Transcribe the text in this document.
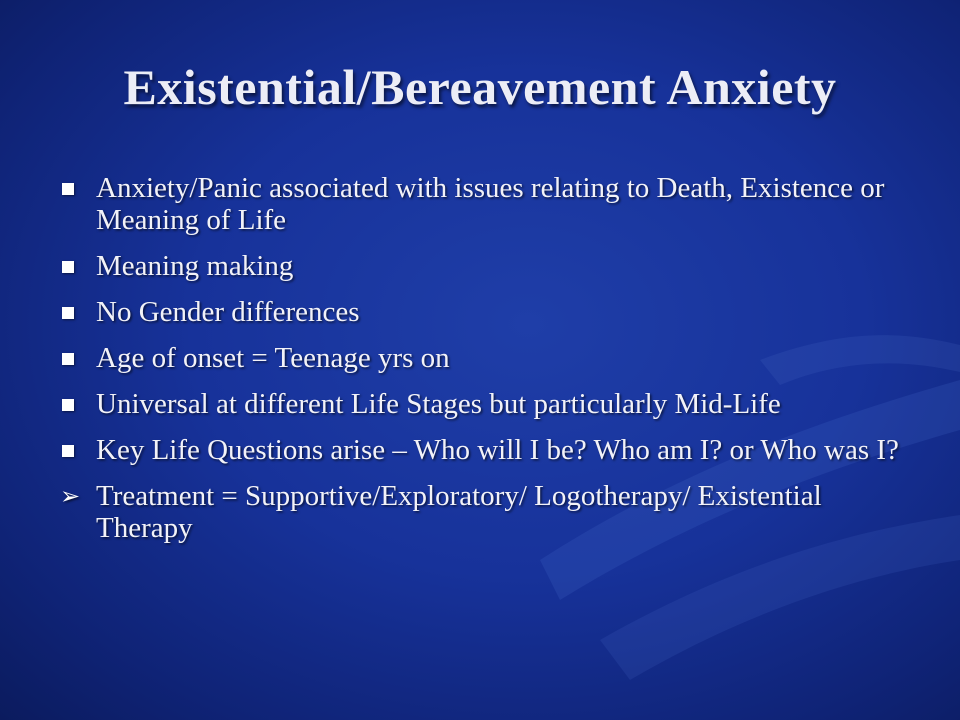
Existential/Bereavement Anxiety
Anxiety/Panic associated with issues relating to Death, Existence or Meaning of Life
Meaning making
No Gender differences
Age of onset = Teenage yrs on
Universal at different Life Stages but particularly Mid-Life
Key Life Questions arise – Who will I be? Who am I? or Who was I?
➢ Treatment = Supportive/Exploratory/ Logotherapy/ Existential Therapy
